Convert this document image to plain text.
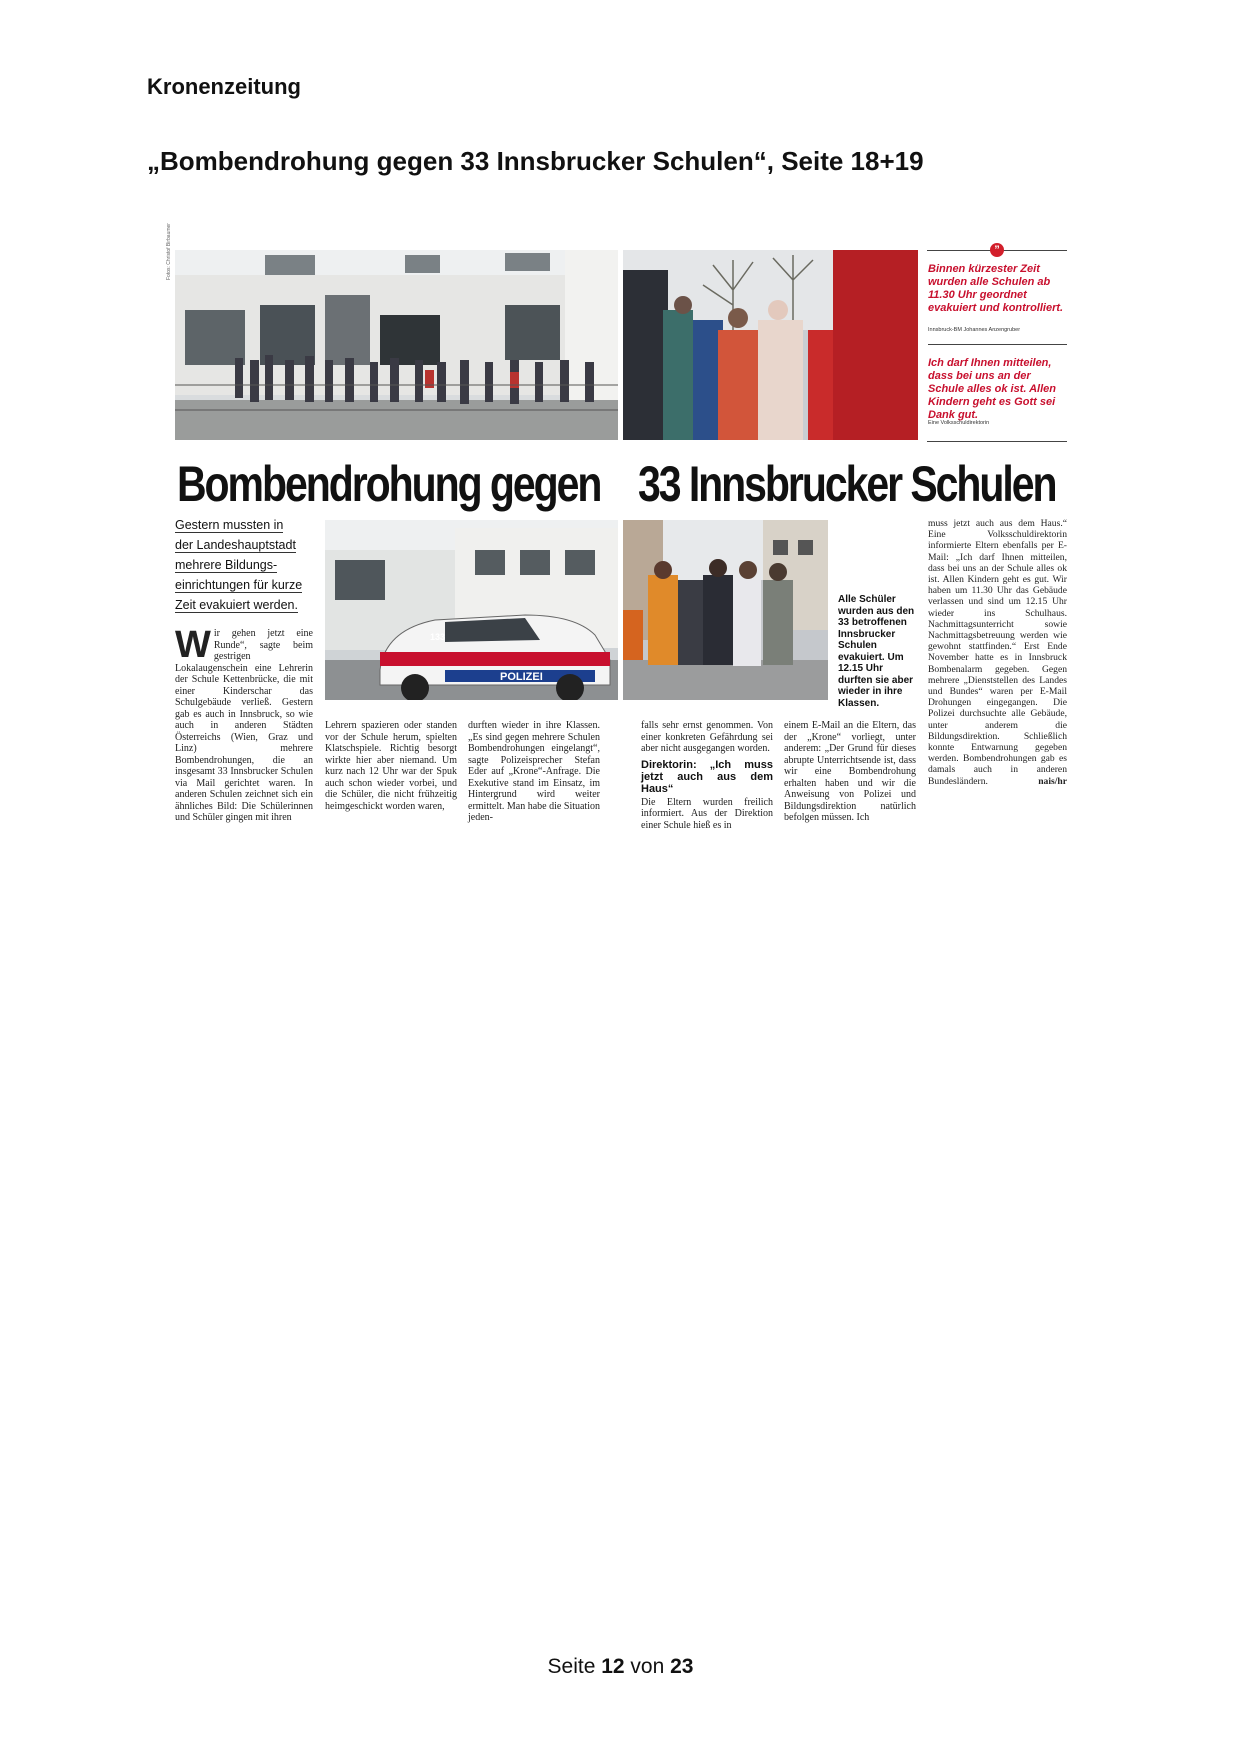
Kronenzeitung
„Bombendrohung gegen 33 Innsbrucker Schulen“, Seite 18+19
Fotos: Christof Birbaumer	”
Binnen kürzester Zeit wurden alle Schulen ab 11.30 Uhr geordnet evakuiert und kontrolliert.
Innsbruck-BM Johannes Anzengruber
Ich darf Ihnen mitteilen, dass bei uns an der Schule alles ok ist. Allen Kindern geht es Gott sei Dank gut.
Eine Volksschuldirektorin
Bombendrohung gegen 33 Innsbrucker Schulen
Gestern mussten in
der Landeshauptstadt
mehrere Bildungs-
einrichtungen für kurze
Zeit evakuiert werden.
POLIZEI
133
Alle Schüler wurden aus den 33 betroffenen Innsbrucker Schulen evakuiert. Um 12.15 Uhr durften sie aber wieder in ihre Klassen.
Wir gehen jetzt eine Runde“, sagte beim gestrigen Lokalaugenschein eine Lehrerin der Schule Kettenbrücke, die mit einer Kinderschar das Schulgebäude verließ. Gestern gab es auch in Innsbruck, so wie auch in anderen Städten Österreichs (Wien, Graz und Linz) mehrere Bombendrohungen, die an insgesamt 33 Innsbrucker Schulen via Mail gerichtet waren. In anderen Schulen zeichnet sich ein ähnliches Bild: Die Schülerinnen und Schüler gingen mit ihren
Lehrern spazieren oder standen vor der Schule herum, spielten Klatschspiele. Richtig besorgt wirkte hier aber niemand. Um kurz nach 12 Uhr war der Spuk auch schon wieder vorbei, und die Schüler, die nicht frühzeitig heimgeschickt worden waren,
durften wieder in ihre Klassen. „Es sind gegen mehrere Schulen Bombendrohungen eingelangt“, sagte Polizeisprecher Stefan Eder auf „Krone“-Anfrage. Die Exekutive stand im Einsatz, im Hintergrund wird weiter ermittelt. Man habe die Situation jeden-
falls sehr ernst genommen. Von einer konkreten Gefährdung sei aber nicht ausgegangen worden.
Direktorin: „Ich muss jetzt auch aus dem Haus“
Die Eltern wurden freilich informiert. Aus der Direktion einer Schule hieß es in
einem E-Mail an die Eltern, das der „Krone“ vorliegt, unter anderem: „Der Grund für dieses abrupte Unterrichtsende ist, dass wir eine Bombendrohung erhalten haben und wir die Anweisung von Polizei und Bildungsdirektion natürlich befolgen müssen. Ich
muss jetzt auch aus dem Haus.“ Eine Volksschuldirektorin informierte Eltern ebenfalls per E-Mail: „Ich darf Ihnen mitteilen, dass bei uns an der Schule alles ok ist. Allen Kindern geht es gut. Wir haben um 11.30 Uhr das Gebäude verlassen und sind um 12.15 Uhr wieder ins Schulhaus. Nachmittagsunterricht sowie Nachmittagsbetreuung werden wie gewohnt stattfinden.“ Erst Ende November hatte es in Innsbruck Bombenalarm gegeben. Gegen mehrere „Dienststellen des Landes und Bundes“ waren per E-Mail Drohungen eingegangen. Die Polizei durchsuchte alle Gebäude, unter anderem die Bildungsdirektion. Schließlich konnte Entwarnung gegeben werden. Bombendrohungen gab es damals auch in anderen Bundesländern.	nais/hr
Seite 12 von 23
